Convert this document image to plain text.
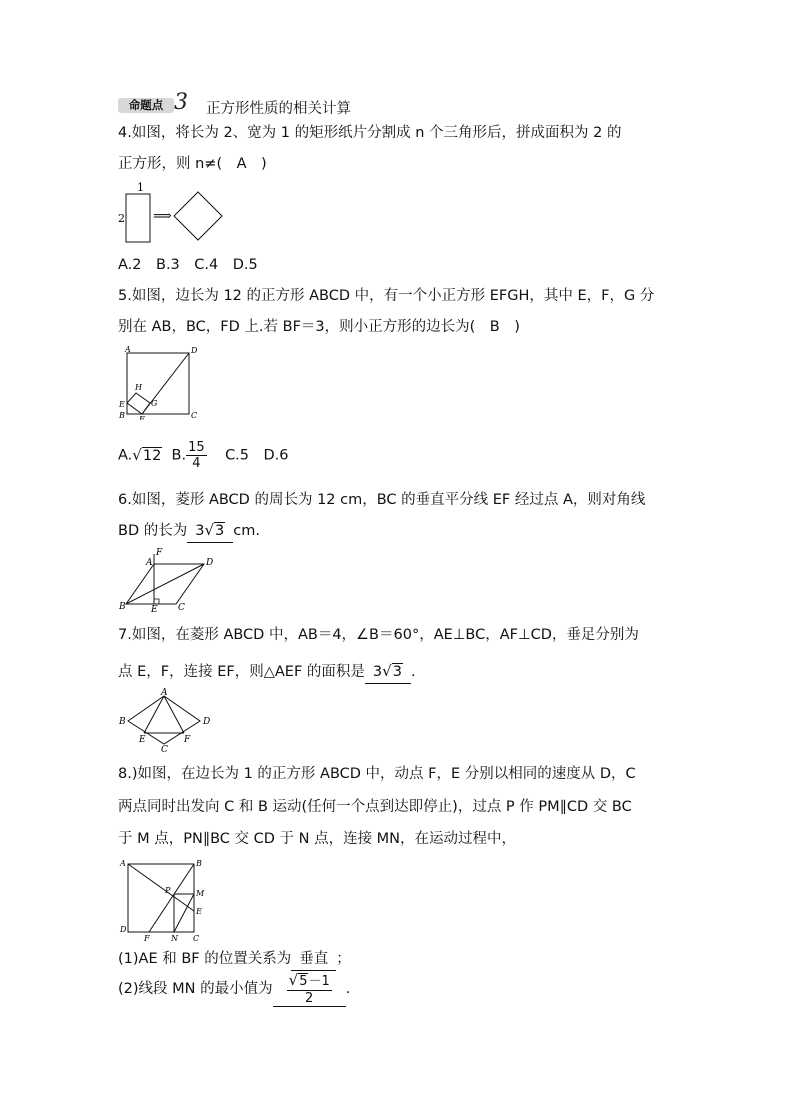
命题点 3 正方形性质的相关计算
4.如图，将长为 2、宽为 1 的矩形纸片分割成 n 个三角形后，拼成面积为 2 的
正方形，则 n≠(　A　)
1
2 ⟹
A.2　B.3　C.4　D.5
5.如图，边长为 12 的正方形 ABCD 中，有一个小正方形 EFGH，其中 E，F，G 分
别在 AB，BC，FD 上.若 BF＝3，则小正方形的边长为(　B　)
A	D
B	C
E
F
G
H
A.√12 B. $\frac{15}{4} C.5$　D.6
6.如图，菱形 ABCD 的周长为 12 cm，BC 的垂直平分线 EF 经过点 A，则对角线
BD 的长为 3√3 cm.
B
A
F
D
C
E
7.如图，在菱形 ABCD 中，AB＝4，∠B＝60°，AE⊥BC，AF⊥CD，垂足分别为
点 E，F，连接 EF，则△AEF 的面积是 3√3 .
A
B	D
C
E	F
8.)如图，在边长为 1 的正方形 ABCD 中，动点 F，E 分别以相同的速度从 D，C
两点同时出发向 C 和 B 运动(任何一个点到达即停止)，过点 P 作 PM∥CD 交 BC
于 M 点，PN∥BC 交 CD 于 N 点，连接 MN，在运动过程中，
A	B
D
C
M
E
P
F	N
(1)AE 和 BF 的位置关系为 垂直 ；
(2)线段 MN 的最小值为 $\frac{√5-1}{2}$ .
